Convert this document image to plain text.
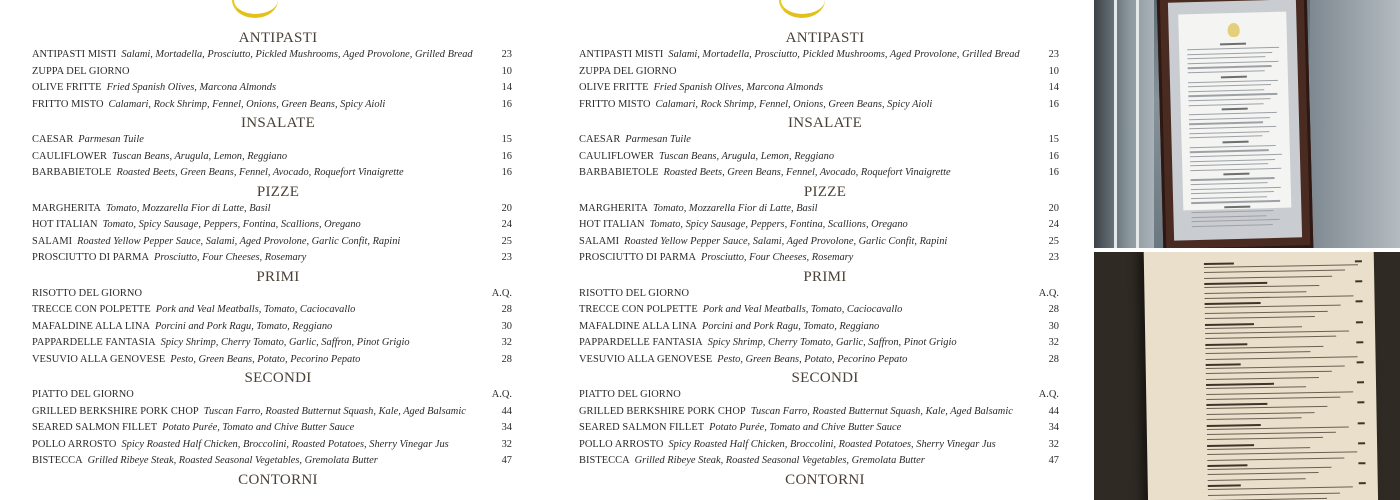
ANTIPASTI
ANTIPASTI MISTI Salami, Mortadella, Prosciutto, Pickled Mushrooms, Aged Provolone, Grilled Bread	23
ZUPPA DEL GIORNO	10
OLIVE FRITTE Fried Spanish Olives, Marcona Almonds	14
FRITTO MISTO Calamari, Rock Shrimp, Fennel, Onions, Green Beans, Spicy Aioli	16
INSALATE
CAESAR Parmesan Tuile	15
CAULIFLOWER Tuscan Beans, Arugula, Lemon, Reggiano	16
BARBABIETOLE Roasted Beets, Green Beans, Fennel, Avocado, Roquefort Vinaigrette	16
PIZZE
MARGHERITA Tomato, Mozzarella Fior di Latte, Basil	20
HOT ITALIAN Tomato, Spicy Sausage, Peppers, Fontina, Scallions, Oregano	24
SALAMI Roasted Yellow Pepper Sauce, Salami, Aged Provolone, Garlic Confit, Rapini	25
PROSCIUTTO DI PARMA Prosciutto, Four Cheeses, Rosemary	23
PRIMI
RISOTTO DEL GIORNO	A.Q.
TRECCE CON POLPETTE Pork and Veal Meatballs, Tomato, Caciocavallo	28
MAFALDINE ALLA LINA Porcini and Pork Ragu, Tomato, Reggiano	30
PAPPARDELLE FANTASIA Spicy Shrimp, Cherry Tomato, Garlic, Saffron, Pinot Grigio	32
VESUVIO ALLA GENOVESE Pesto, Green Beans, Potato, Pecorino Pepato	28
SECONDI
PIATTO DEL GIORNO	A.Q.
GRILLED BERKSHIRE PORK CHOP Tuscan Farro, Roasted Butternut Squash, Kale, Aged Balsamic	44
SEARED SALMON FILLET Potato Purée, Tomato and Chive Butter Sauce	34
POLLO ARROSTO Spicy Roasted Half Chicken, Broccolini, Roasted Potatoes, Sherry Vinegar Jus	32
BISTECCA Grilled Ribeye Steak, Roasted Seasonal Vegetables, Gremolata Butter	47
CONTORNI
ANTIPASTI
ANTIPASTI MISTI Salami, Mortadella, Prosciutto, Pickled Mushrooms, Aged Provolone, Grilled Bread	23
ZUPPA DEL GIORNO	10
OLIVE FRITTE Fried Spanish Olives, Marcona Almonds	14
FRITTO MISTO Calamari, Rock Shrimp, Fennel, Onions, Green Beans, Spicy Aioli	16
INSALATE
CAESAR Parmesan Tuile	15
CAULIFLOWER Tuscan Beans, Arugula, Lemon, Reggiano	16
BARBABIETOLE Roasted Beets, Green Beans, Fennel, Avocado, Roquefort Vinaigrette	16
PIZZE
MARGHERITA Tomato, Mozzarella Fior di Latte, Basil	20
HOT ITALIAN Tomato, Spicy Sausage, Peppers, Fontina, Scallions, Oregano	24
SALAMI Roasted Yellow Pepper Sauce, Salami, Aged Provolone, Garlic Confit, Rapini	25
PROSCIUTTO DI PARMA Prosciutto, Four Cheeses, Rosemary	23
PRIMI
RISOTTO DEL GIORNO	A.Q.
TRECCE CON POLPETTE Pork and Veal Meatballs, Tomato, Caciocavallo	28
MAFALDINE ALLA LINA Porcini and Pork Ragu, Tomato, Reggiano	30
PAPPARDELLE FANTASIA Spicy Shrimp, Cherry Tomato, Garlic, Saffron, Pinot Grigio	32
VESUVIO ALLA GENOVESE Pesto, Green Beans, Potato, Pecorino Pepato	28
SECONDI
PIATTO DEL GIORNO	A.Q.
GRILLED BERKSHIRE PORK CHOP Tuscan Farro, Roasted Butternut Squash, Kale, Aged Balsamic	44
SEARED SALMON FILLET Potato Purée, Tomato and Chive Butter Sauce	34
POLLO ARROSTO Spicy Roasted Half Chicken, Broccolini, Roasted Potatoes, Sherry Vinegar Jus	32
BISTECCA Grilled Ribeye Steak, Roasted Seasonal Vegetables, Gremolata Butter	47
CONTORNI
